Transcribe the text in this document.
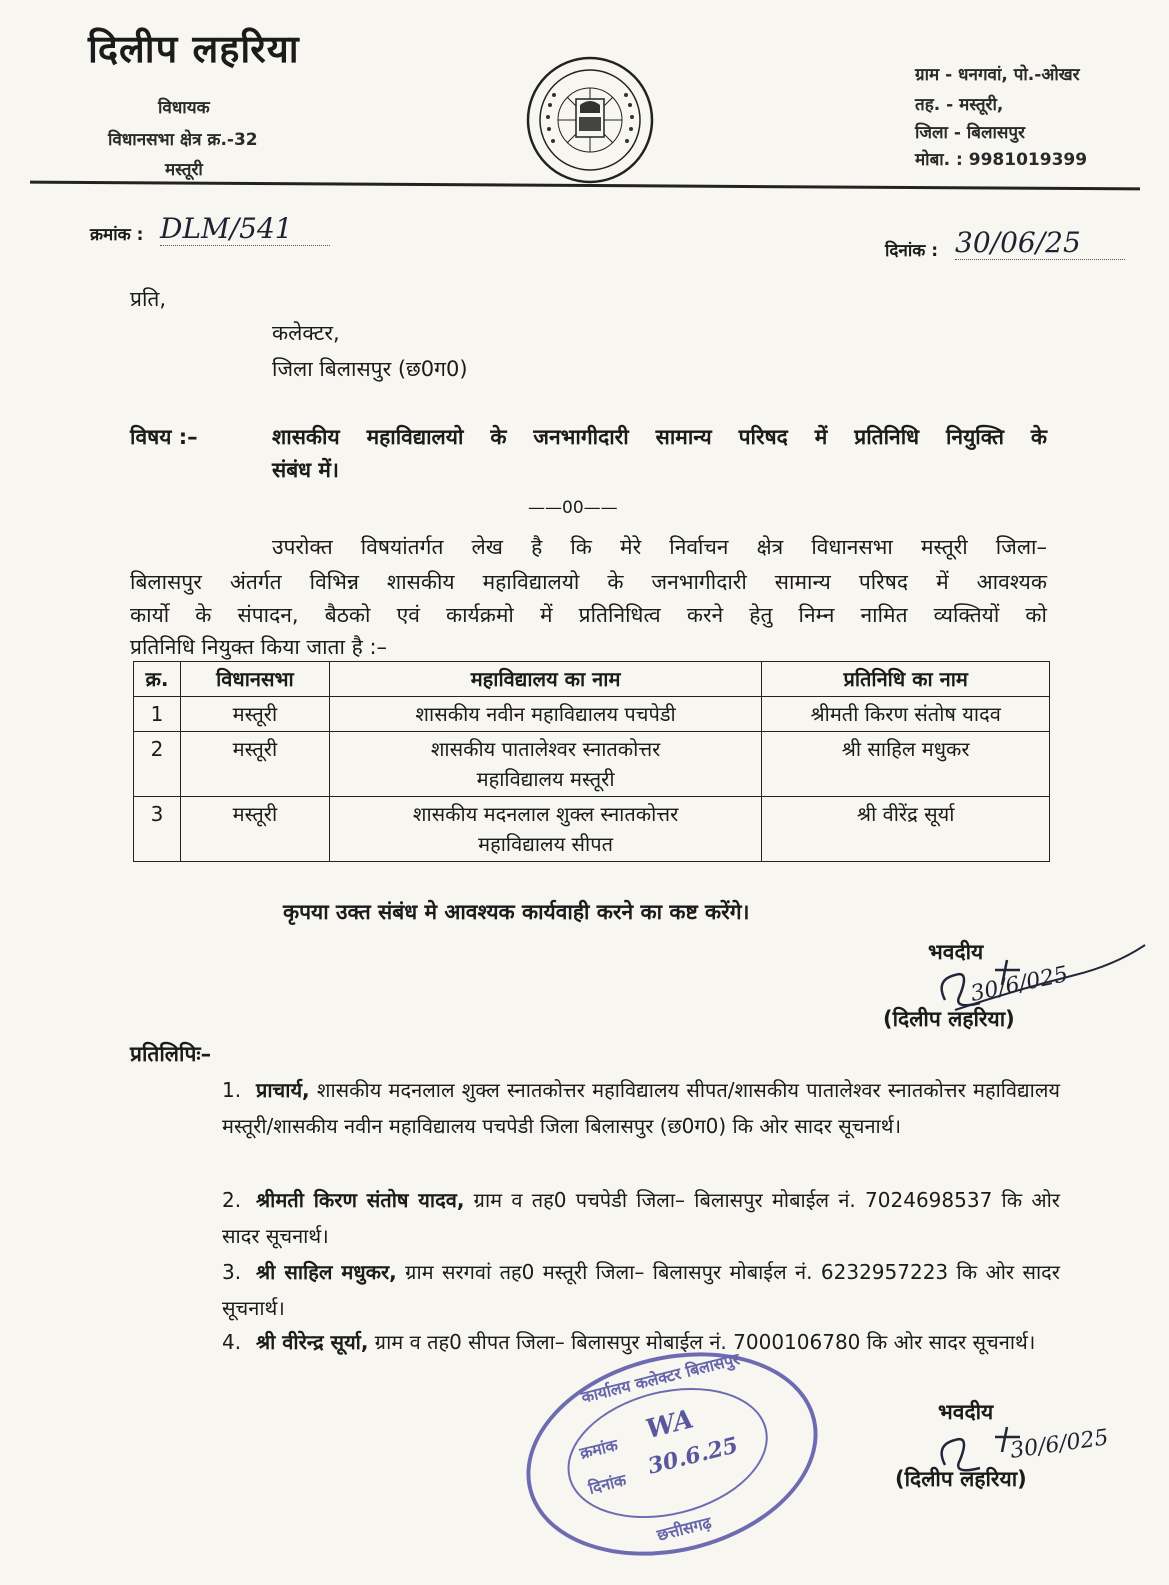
दिलीप लहरिया
विधायक
विधानसभा क्षेत्र क्र.-32
मस्तूरी
ग्राम - धनगवां, पो.-ओखर
तह. - मस्तूरी,
जिला - बिलासपुर
मोबा. : 9981019399
क्रमांक : DLM/541
दिनांक : 30/06/25
प्रति,
कलेक्टर,
जिला बिलासपुर (छ0ग0)
विषय :–	शासकीय महाविद्यालयो के जनभागीदारी सामान्य परिषद में प्रतिनिधि नियुक्ति के
संबंध में।
——00——
उपरोक्त विषयांतर्गत लेख है कि मेरे निर्वाचन क्षेत्र विधानसभा मस्तूरी जिला–
बिलासपुर अंतर्गत विभिन्न शासकीय महाविद्यालयो के जनभागीदारी सामान्य परिषद में आवश्यक
कार्यो के संपादन, बैठको एवं कार्यक्रमो में प्रतिनिधित्व करने हेतु निम्न नामित व्यक्तियों को
प्रतिनिधि नियुक्त किया जाता है :–
क्र.	विधानसभा	महाविद्यालय का नाम	प्रतिनिधि का नाम
1	मस्तूरी	शासकीय नवीन महाविद्यालय पचपेडी	श्रीमती किरण संतोष यादव
2	मस्तूरी	शासकीय पातालेश्वर स्नातकोत्तर
महाविद्यालय मस्तूरी	श्री साहिल मधुकर
3	मस्तूरी	शासकीय मदनलाल शुक्ल स्नातकोत्तर
महाविद्यालय सीपत	श्री वीरेंद्र सूर्या
कृपया उक्त संबंध मे आवश्यक कार्यवाही करने का कष्ट करेंगे।
भवदीय
30/6/025
(दिलीप लहरिया)
प्रतिलिपिः–
1. प्राचार्य, शासकीय मदनलाल शुक्ल स्नातकोत्तर महाविद्यालय सीपत/शासकीय पातालेश्वर स्नातकोत्तर महाविद्यालय मस्तूरी/शासकीय नवीन महाविद्यालय पचपेडी जिला बिलासपुर (छ0ग0) कि ओर सादर सूचनार्थ।
2. श्रीमती किरण संतोष यादव, ग्राम व तह0 पचपेडी जिला– बिलासपुर मोबाईल नं. 7024698537 कि ओर सादर सूचनार्थ।
3. श्री साहिल मधुकर, ग्राम सरगवां तह0 मस्तूरी जिला– बिलासपुर मोबाईल नं. 6232957223 कि ओर सादर सूचनार्थ।
4. श्री वीरेन्द्र सूर्या, ग्राम व तह0 सीपत जिला– बिलासपुर मोबाईल नं. 7000106780 कि ओर सादर सूचनार्थ।
कार्यालय कलेक्टर बिलासपुर
क्रमांक
WA
दिनांक
30.6.25
छत्तीसगढ़
भवदीय
30/6/025
(दिलीप लहरिया)
